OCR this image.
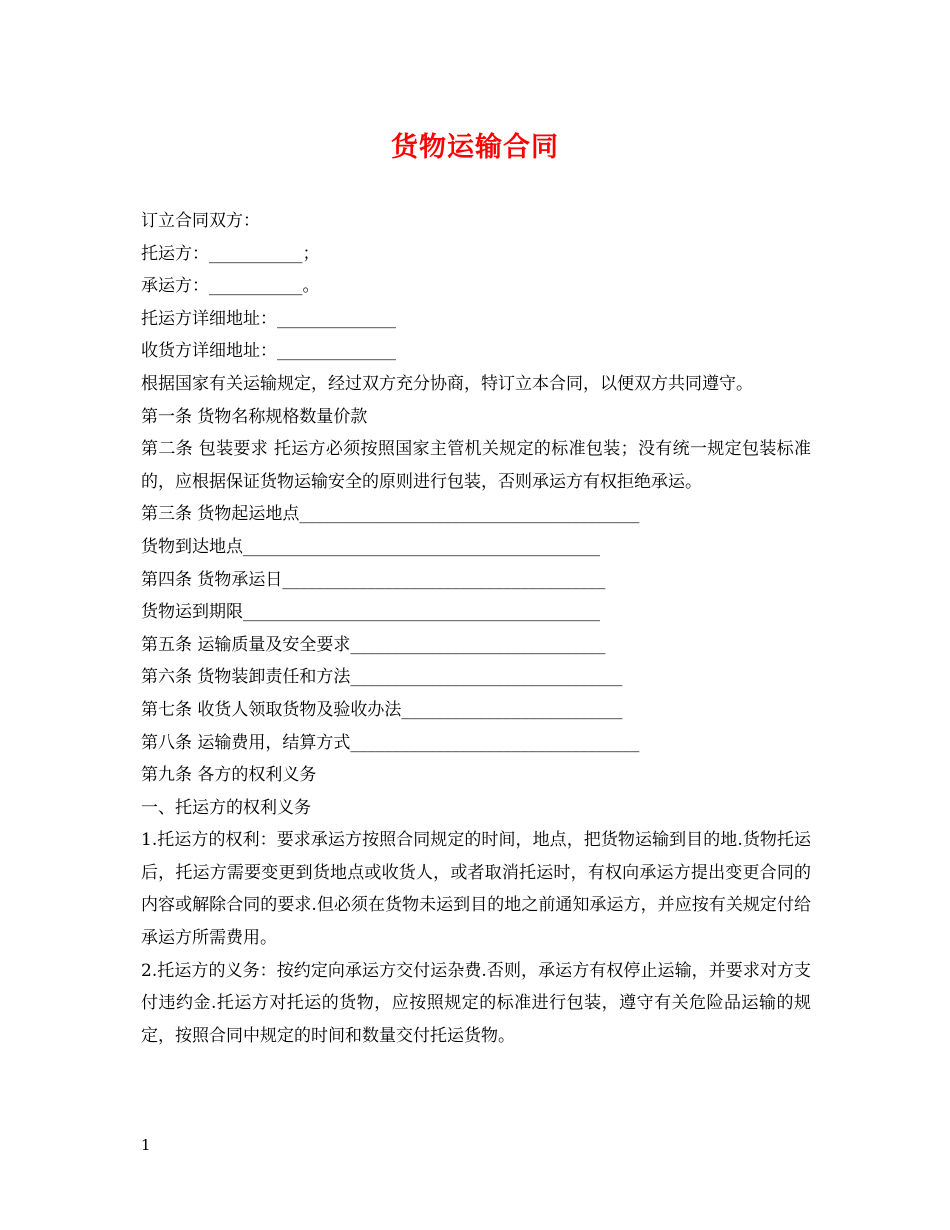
货物运输合同

订立合同双方：

托运方：___________；

承运方：___________。

托运方详细地址：______________

收货方详细地址：______________

根据国家有关运输规定，经过双方充分协商，特订立本合同，以便双方共同遵守。

第一条 货物名称规格数量价款

第二条 包装要求 托运方必须按照国家主管机关规定的标准包装；没有统一规定包装标准的，应根据保证货物运输安全的原则进行包装，否则承运方有权拒绝承运。

第三条 货物起运地点________________________________________

货物到达地点__________________________________________

第四条 货物承运日______________________________________

货物运到期限__________________________________________

第五条 运输质量及安全要求______________________________

第六条 货物装卸责任和方法________________________________

第七条 收货人领取货物及验收办法__________________________

第八条 运输费用，结算方式__________________________________

第九条 各方的权利义务

一、托运方的权利义务

1.托运方的权利：要求承运方按照合同规定的时间，地点，把货物运输到目的地.货物托运后，托运方需要变更到货地点或收货人，或者取消托运时，有权向承运方提出变更合同的内容或解除合同的要求.但必须在货物未运到目的地之前通知承运方，并应按有关规定付给承运方所需费用。

2.托运方的义务：按约定向承运方交付运杂费.否则，承运方有权停止运输，并要求对方支付违约金.托运方对托运的货物，应按照规定的标准进行包装，遵守有关危险品运输的规定，按照合同中规定的时间和数量交付托运货物。

1
